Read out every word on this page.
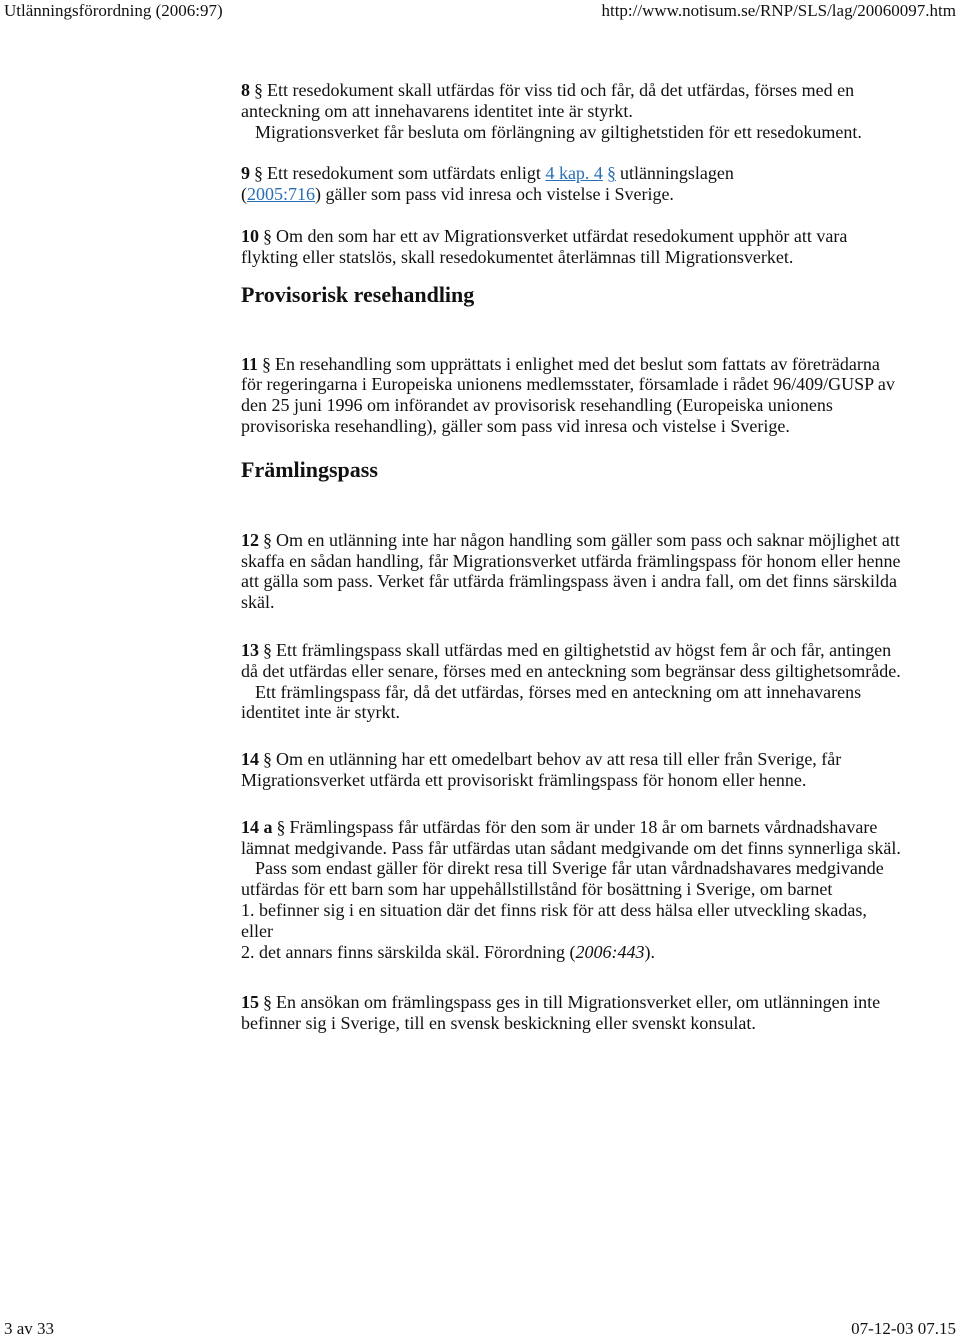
Utlänningsförordning (2006:97)	http://www.notisum.se/RNP/SLS/lag/20060097.htm

8 § Ett resedokument skall utfärdas för viss tid och får, då det utfärdas, förses med en anteckning om att innehavarens identitet inte är styrkt.
Migrationsverket får besluta om förlängning av giltighetstiden för ett resedokument.

9 § Ett resedokument som utfärdats enligt 4 kap. 4 § utlänningslagen
(2005:716) gäller som pass vid inresa och vistelse i Sverige.

10 § Om den som har ett av Migrationsverket utfärdat resedokument upphör att vara flykting eller statslös, skall resedokumentet återlämnas till Migrationsverket.

Provisorisk resehandling

11 § En resehandling som upprättats i enlighet med det beslut som fattats av företrädarna för regeringarna i Europeiska unionens medlemsstater, församlade i rådet 96/409/GUSP av den 25 juni 1996 om införandet av provisorisk resehandling (Europeiska unionens provisoriska resehandling), gäller som pass vid inresa och vistelse i Sverige.

Främlingspass

12 § Om en utlänning inte har någon handling som gäller som pass och saknar möjlighet att skaffa en sådan handling, får Migrationsverket utfärda främlingspass för honom eller henne att gälla som pass. Verket får utfärda främlingspass även i andra fall, om det finns särskilda skäl.

13 § Ett främlingspass skall utfärdas med en giltighetstid av högst fem år och får, antingen då det utfärdas eller senare, förses med en anteckning som begränsar dess giltighetsområde.
Ett främlingspass får, då det utfärdas, förses med en anteckning om att innehavarens identitet inte är styrkt.

14 § Om en utlänning har ett omedelbart behov av att resa till eller från Sverige, får Migrationsverket utfärda ett provisoriskt främlingspass för honom eller henne.

14 a § Främlingspass får utfärdas för den som är under 18 år om barnets vårdnadshavare lämnat medgivande. Pass får utfärdas utan sådant medgivande om det finns synnerliga skäl.
Pass som endast gäller för direkt resa till Sverige får utan vårdnadshavares medgivande utfärdas för ett barn som har uppehållstillstånd för bosättning i Sverige, om barnet
1. befinner sig i en situation där det finns risk för att dess hälsa eller utveckling skadas, eller
2. det annars finns särskilda skäl. Förordning (2006:443).

15 § En ansökan om främlingspass ges in till Migrationsverket eller, om utlänningen inte befinner sig i Sverige, till en svensk beskickning eller svenskt konsulat.

3 av 33	07-12-03 07.15
